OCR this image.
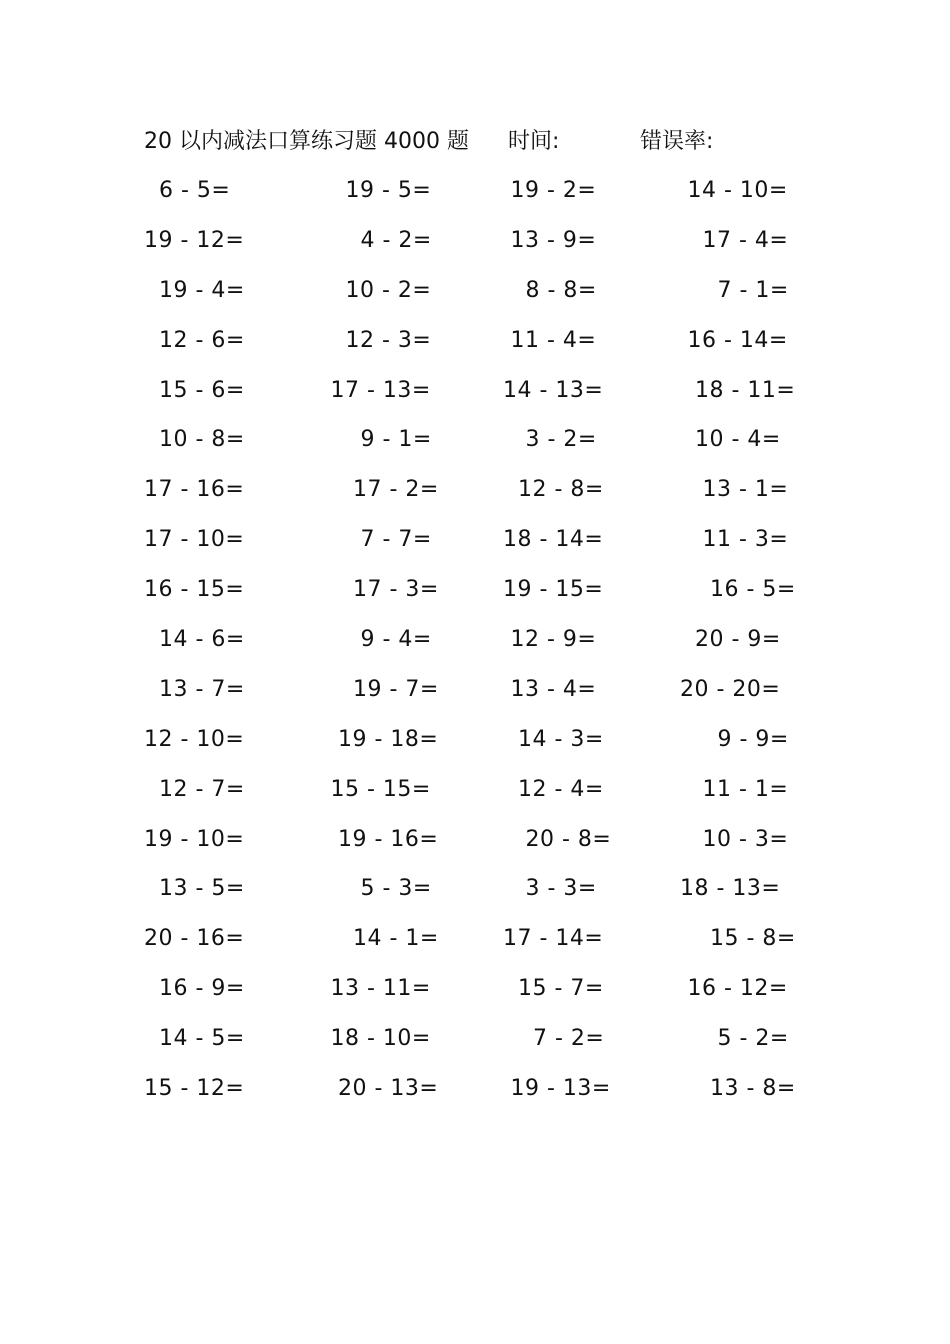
20 以内减法口算练习题 4000 题 时间:	错误率:
6 - 5=	19 - 5=	19 - 2=	14 - 10=
19 - 12=	4 - 2=	13 - 9=	17 - 4=
19 - 4=	10 - 2=	8 - 8=	7 - 1=
12 - 6=	12 - 3=	11 - 4=	16 - 14=
15 - 6=	17 - 13=	14 - 13=	18 - 11=
10 - 8=	9 - 1=	3 - 2=	10 - 4=
17 - 16=	17 - 2=	12 - 8=	13 - 1=
17 - 10=	7 - 7=	18 - 14=	11 - 3=
16 - 15=	17 - 3=	19 - 15=	16 - 5=
14 - 6=	9 - 4=	12 - 9=	20 - 9=
13 - 7=	19 - 7=	13 - 4=	20 - 20=
12 - 10=	19 - 18=	14 - 3=	9 - 9=
12 - 7=	15 - 15=	12 - 4=	11 - 1=
19 - 10=	19 - 16=	20 - 8=	10 - 3=
13 - 5=	5 - 3=	3 - 3=	18 - 13=
20 - 16=	14 - 1=	17 - 14=	15 - 8=
16 - 9=	13 - 11=	15 - 7=	16 - 12=
14 - 5=	18 - 10=	7 - 2=	5 - 2=
15 - 12=	20 - 13=	19 - 13=	13 - 8=
